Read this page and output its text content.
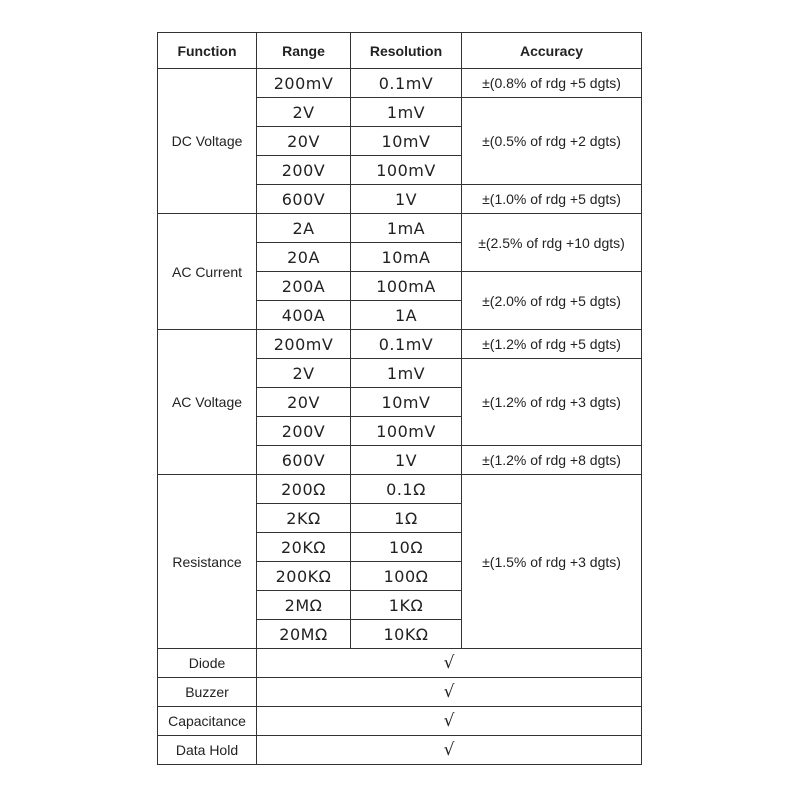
Function	Range	Resolution	Accuracy
DC Voltage	200mV	0.1mV	±(0.8% of rdg +5 dgts)
	2V	1mV	±(0.5% of rdg +2 dgts)
	20V	10mV	
	200V	100mV	
	600V	1V	±(1.0% of rdg +5 dgts)
AC Current	2A	1mA	±(2.5% of rdg +10 dgts)
	20A	10mA	
	200A	100mA	±(2.0% of rdg +5 dgts)
	400A	1A	
AC Voltage	200mV	0.1mV	±(1.2% of rdg +5 dgts)
	2V	1mV	±(1.2% of rdg +3 dgts)
	20V	10mV	
	200V	100mV	
	600V	1V	±(1.2% of rdg +8 dgts)
Resistance	200Ω	0.1Ω	±(1.5% of rdg +3 dgts)
	2KΩ	1Ω	
	20KΩ	10Ω	
	200KΩ	100Ω	
	2MΩ	1KΩ	
	20MΩ	10KΩ	
Diode	√		
Buzzer	√		
Capacitance	√		
Data Hold	√		
